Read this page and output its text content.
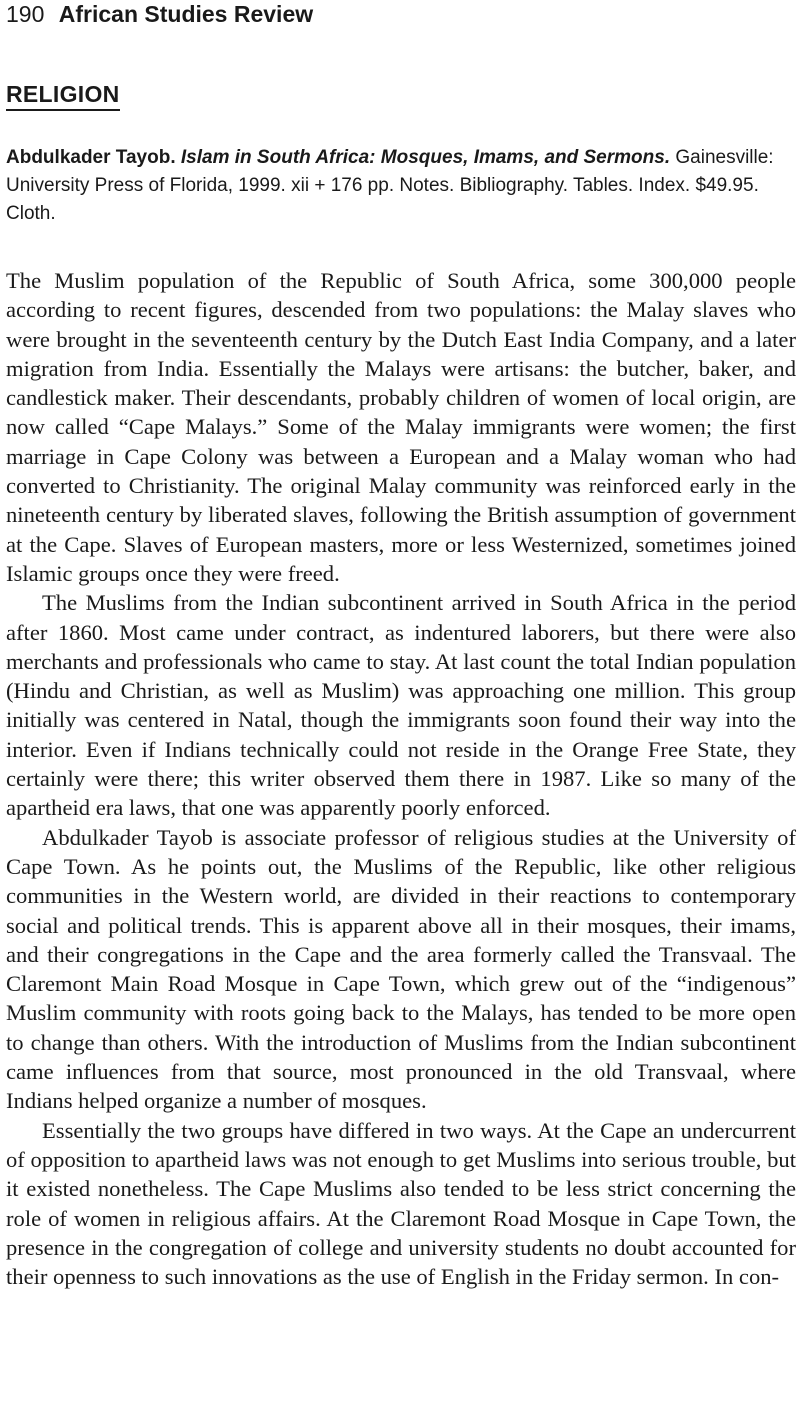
190 African Studies Review
RELIGION
Abdulkader Tayob. Islam in South Africa: Mosques, Imams, and Sermons. Gainesville: University Press of Florida, 1999. xii + 176 pp. Notes. Bibliography. Tables. Index. $49.95. Cloth.

The Muslim population of the Republic of South Africa, some 300,000 people according to recent figures, descended from two populations: the Malay slaves who were brought in the seventeenth century by the Dutch East India Company, and a later migration from India. Essentially the Malays were artisans: the butcher, baker, and candlestick maker. Their descendants, probably children of women of local origin, are now called “Cape Malays.” Some of the Malay immigrants were women; the first marriage in Cape Colony was between a European and a Malay woman who had converted to Christianity. The original Malay community was reinforced early in the nineteenth century by liberated slaves, following the British assumption of government at the Cape. Slaves of European masters, more or less Westernized, sometimes joined Islamic groups once they were freed.

The Muslims from the Indian subcontinent arrived in South Africa in the period after 1860. Most came under contract, as indentured laborers, but there were also merchants and professionals who came to stay. At last count the total Indian population (Hindu and Christian, as well as Muslim) was approaching one million. This group initially was centered in Natal, though the immigrants soon found their way into the interior. Even if Indians technically could not reside in the Orange Free State, they certainly were there; this writer observed them there in 1987. Like so many of the apartheid era laws, that one was apparently poorly enforced.

Abdulkader Tayob is associate professor of religious studies at the University of Cape Town. As he points out, the Muslims of the Republic, like other religious communities in the Western world, are divided in their reactions to contemporary social and political trends. This is apparent above all in their mosques, their imams, and their congregations in the Cape and the area formerly called the Transvaal. The Claremont Main Road Mosque in Cape Town, which grew out of the “indigenous” Muslim community with roots going back to the Malays, has tended to be more open to change than others. With the introduction of Muslims from the Indian subcontinent came influences from that source, most pronounced in the old Transvaal, where Indians helped organize a number of mosques.

Essentially the two groups have differed in two ways. At the Cape an undercurrent of opposition to apartheid laws was not enough to get Muslims into serious trouble, but it existed nonetheless. The Cape Muslims also tended to be less strict concerning the role of women in religious affairs. At the Claremont Road Mosque in Cape Town, the presence in the congregation of college and university students no doubt accounted for their openness to such innovations as the use of English in the Friday sermon. In con-
